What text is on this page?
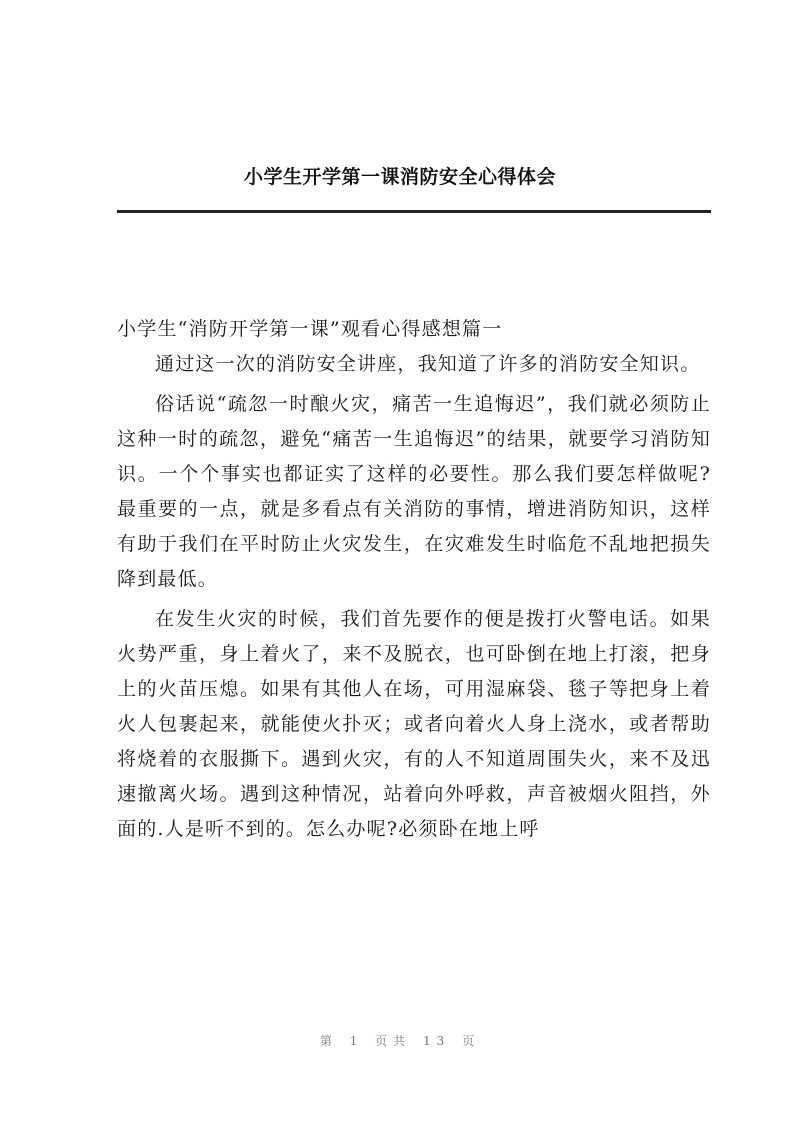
小学生开学第一课消防安全心得体会

小学生“消防开学第一课”观看心得感想篇一

通过这一次的消防安全讲座，我知道了许多的消防安全知识。

俗话说“疏忽一时酿火灾，痛苦一生追悔迟”，我们就必须防止这种一时的疏忽，避免“痛苦一生追悔迟”的结果，就要学习消防知识。一个个事实也都证实了这样的必要性。那么我们要怎样做呢?最重要的一点，就是多看点有关消防的事情，增进消防知识，这样有助于我们在平时防止火灾发生，在灾难发生时临危不乱地把损失降到最低。

在发生火灾的时候，我们首先要作的便是拨打火警电话。如果火势严重，身上着火了，来不及脱衣，也可卧倒在地上打滚，把身上的火苗压熄。如果有其他人在场，可用湿麻袋、毯子等把身上着火人包裹起来，就能使火扑灭；或者向着火人身上浇水，或者帮助将烧着的衣服撕下。遇到火灾，有的人不知道周围失火，来不及迅速撤离火场。遇到这种情况，站着向外呼救，声音被烟火阻挡，外面的.人是听不到的。怎么办呢?必须卧在地上呼

第 1 页共 13 页
